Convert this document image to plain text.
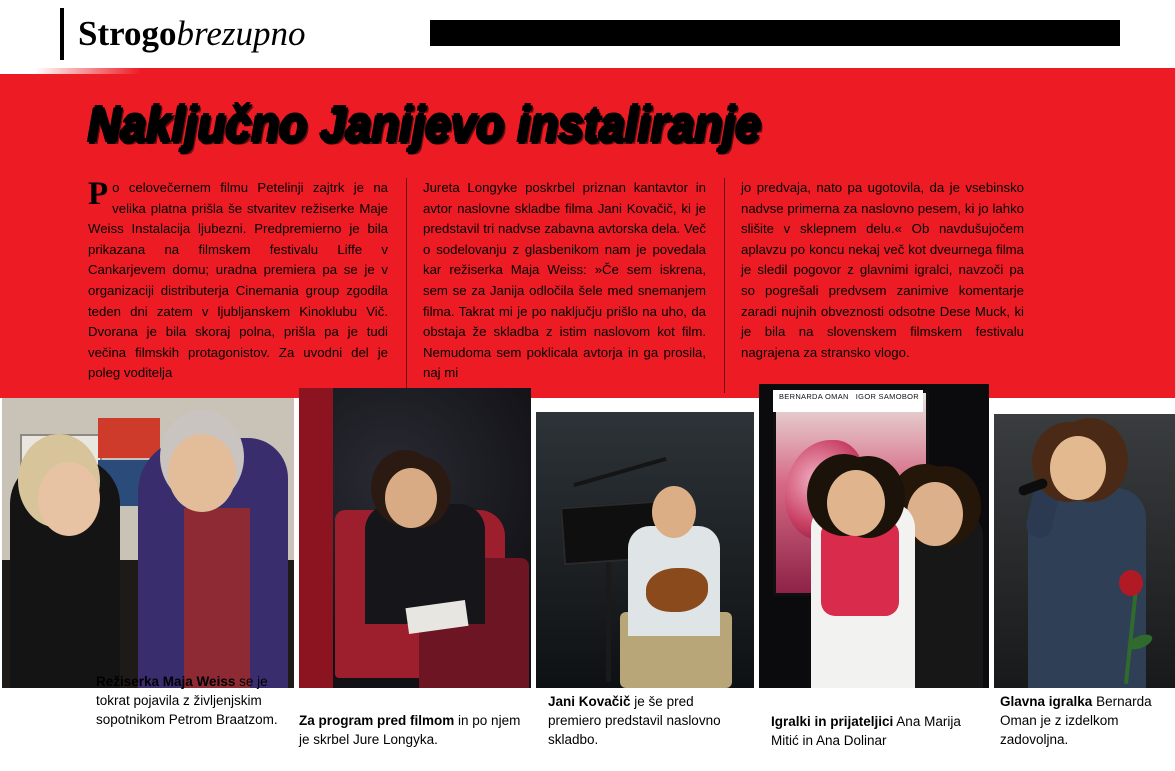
Strogobrezupno
Naključno Janijevo instaliranje

Po celovečernem filmu Petelinji zajtrk je na velika platna prišla še stvaritev režiserke Maje Weiss Instalacija ljubezni. Predpremierno je bila prikazana na filmskem festivalu Liffe v Cankarjevem domu; uradna premiera pa se je v organizaciji distributerja Cinemania group zgodila teden dni zatem v ljubljanskem Kinoklubu Vič. Dvorana je bila skoraj polna, prišla pa je tudi večina filmskih protagonistov. Za uvodni del je poleg voditelja

Jureta Longyke poskrbel priznan kantavtor in avtor naslovne skladbe filma Jani Kovačič, ki je predstavil tri nadvse zabavna avtorska dela. Več o sodelovanju z glasbenikom nam je povedala kar režiserka Maja Weiss: »Če sem iskrena, sem se za Janija odločila šele med snemanjem filma. Takrat mi je po naključju prišlo na uho, da obstaja že skladba z istim naslovom kot film. Nemudoma sem poklicala avtorja in ga prosila, naj mi

jo predvaja, nato pa ugotovila, da je vsebinsko nadvse primerna za naslovno pesem, ki jo lahko slišite v sklepnem delu.« Ob navdušujočem aplavzu po koncu nekaj več kot dveurnega filma je sledil pogovor z glavnimi igralci, navzoči pa so pogrešali predvsem zanimive komentarje zaradi nujnih obveznosti odsotne Dese Muck, ki je bila na slovenskem filmskem festivalu nagrajena za stransko vlogo.

BERNARDA OMAN IGOR SAMOBOR
Režiserka Maja Weiss se je tokrat pojavila z življenjskim sopotnikom Petrom Braatzom.	Za program pred filmom in po njem je skrbel Jure Longyka.
Jani Kovačič je še pred premiero predstavil naslovno skladbo.
Igralki in prijateljici Ana Marija Mitić in Ana Dolinar
Glavna igralka Bernarda Oman je z izdelkom zadovoljna.
